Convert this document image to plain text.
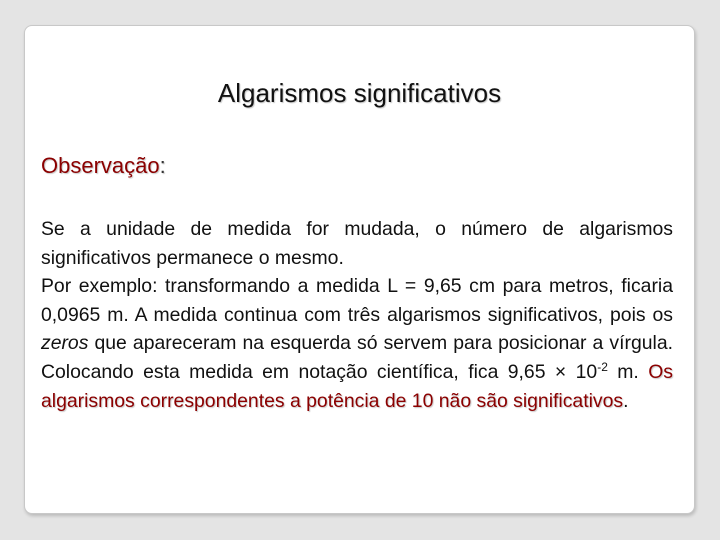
Algarismos significativos
Observação:

Se a unidade de medida for mudada, o número de algarismos significativos permanece o mesmo.

Por exemplo: transformando a medida L = 9,65 cm para metros, ficaria 0,0965 m. A medida continua com três algarismos significativos, pois os zeros que apareceram na esquerda só servem para posicionar a vírgula. Colocando esta medida em notação científica, fica $9,65 \times 10^{-2}$ m. Os algarismos correspondentes a potência de 10 não são significativos.
